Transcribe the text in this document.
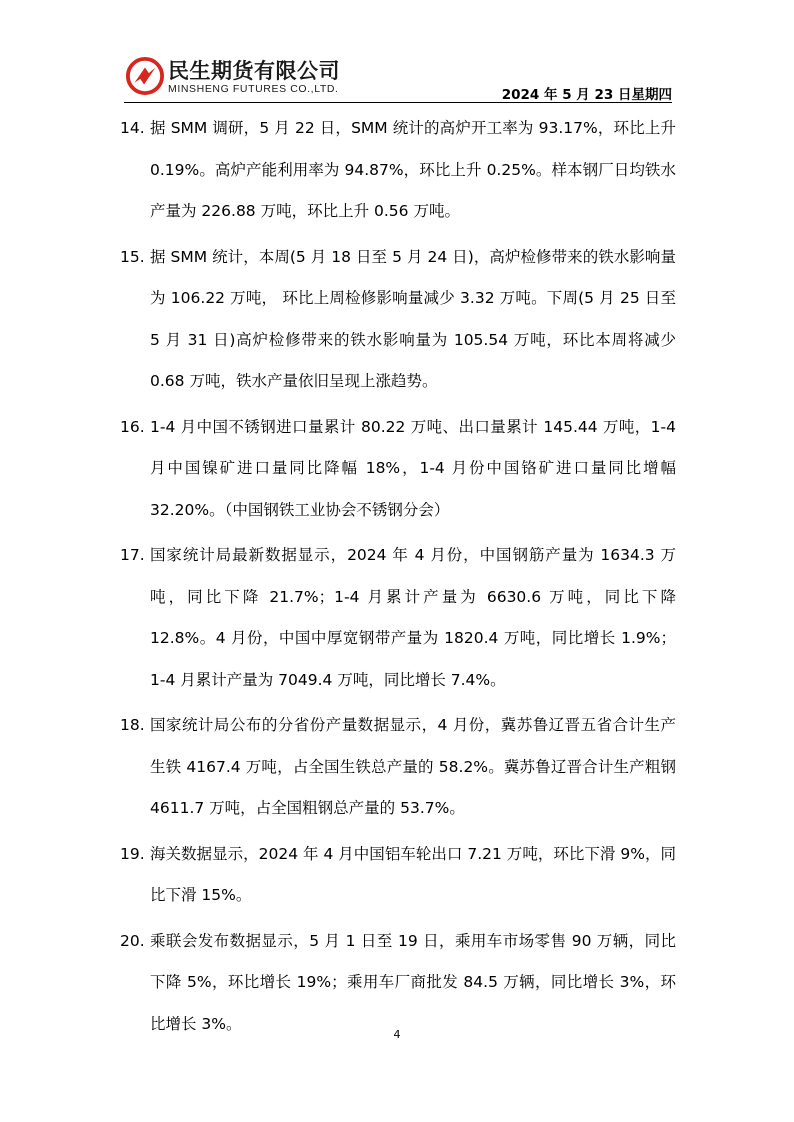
民生期货有限公司
MINSHENG FUTURES CO.,LTD.	2024 年 5 月 23 日星期四
14. 据 SMM 调研，5 月 22 日，SMM 统计的高炉开工率为 93.17%，环比上升 0.19%。高炉产能利用率为 94.87%，环比上升 0.25%。样本钢厂日均铁水产量为 226.88 万吨，环比上升 0.56 万吨。
15. 据 SMM 统计，本周(5 月 18 日至 5 月 24 日)，高炉检修带来的铁水影响量为 106.22 万吨， 环比上周检修影响量减少 3.32 万吨。下周(5 月 25 日至 5 月 31 日)高炉检修带来的铁水影响量为 105.54 万吨，环比本周将减少 0.68 万吨，铁水产量依旧呈现上涨趋势。
16. 1-4 月中国不锈钢进口量累计 80.22 万吨、出口量累计 145.44 万吨，1-4 月中国镍矿进口量同比降幅 18%，1-4 月份中国铬矿进口量同比增幅 32.20%。（中国钢铁工业协会不锈钢分会）
17. 国家统计局最新数据显示，2024 年 4 月份，中国钢筋产量为 1634.3 万吨，同比下降 21.7%；1-4 月累计产量为 6630.6 万吨，同比下降 12.8%。4 月份，中国中厚宽钢带产量为 1820.4 万吨，同比增长 1.9%；1-4 月累计产量为 7049.4 万吨，同比增长 7.4%。
18. 国家统计局公布的分省份产量数据显示，4 月份，冀苏鲁辽晋五省合计生产生铁 4167.4 万吨，占全国生铁总产量的 58.2%。冀苏鲁辽晋合计生产粗钢 4611.7 万吨，占全国粗钢总产量的 53.7%。
19. 海关数据显示，2024 年 4 月中国铝车轮出口 7.21 万吨，环比下滑 9%，同比下滑 15%。
20. 乘联会发布数据显示，5 月 1 日至 19 日，乘用车市场零售 90 万辆，同比下降 5%，环比增长 19%；乘用车厂商批发 84.5 万辆，同比增长 3%，环比增长 3%。
4
